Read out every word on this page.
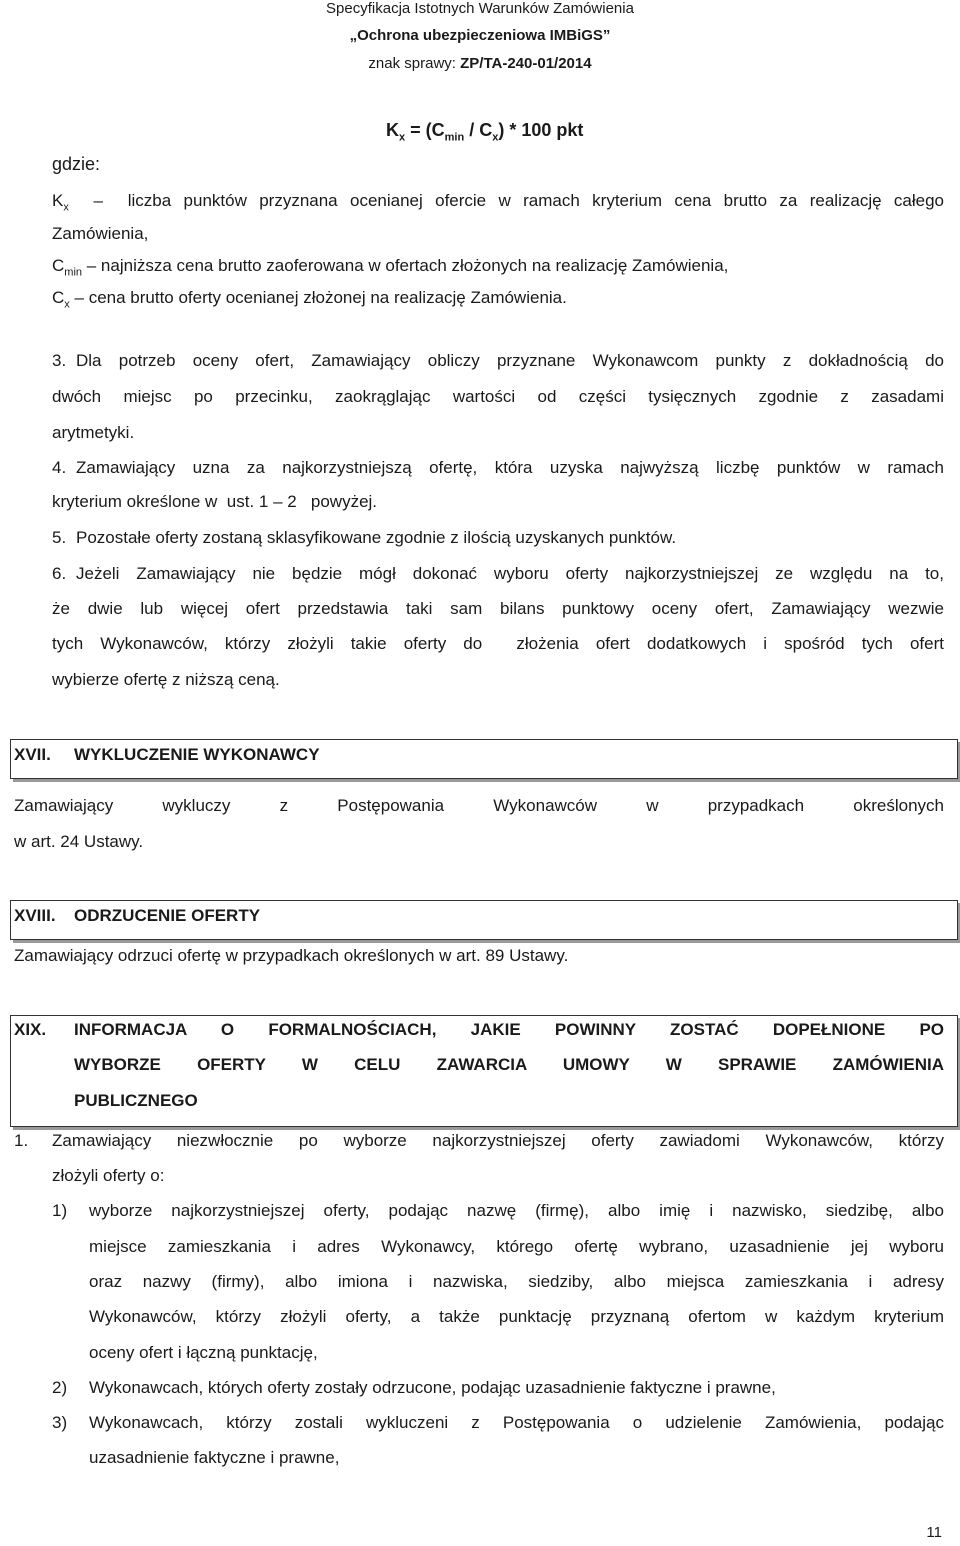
Specyfikacja Istotnych Warunków Zamówienia
„Ochrona ubezpieczeniowa IMBiGS”
znak sprawy: ZP/TA-240-01/2014
$K_x = (C_{min} / C_x) * 100$ pkt
gdzie:
$K_x$ – liczba punktów przyznana ocenianej ofercie w ramach kryterium cena brutto za realizację całego
Zamówienia,
$C_{min}$ – najniższa cena brutto zaoferowana w ofertach złożonych na realizację Zamówienia,
$C_x$ – cena brutto oferty ocenianej złożonej na realizację Zamówienia.
3. Dla potrzeb oceny ofert, Zamawiający obliczy przyznane Wykonawcom punkty z dokładnością do
dwóch miejsc po przecinku, zaokrąglając wartości od części tysięcznych zgodnie z zasadami
arytmetyki.
4. Zamawiający uzna za najkorzystniejszą ofertę, która uzyska najwyższą liczbę punktów w ramach
kryterium określone w  ust. 1 – 2   powyżej.
5. Pozostałe oferty zostaną sklasyfikowane zgodnie z ilością uzyskanych punktów.
6. Jeżeli Zamawiający nie będzie mógł dokonać wyboru oferty najkorzystniejszej ze względu na to,
że dwie lub więcej ofert przedstawia taki sam bilans punktowy oceny ofert, Zamawiający wezwie
tych Wykonawców, którzy złożyli takie oferty do  złożenia ofert dodatkowych i spośród tych ofert
wybierze ofertę z niższą ceną.
XVII. WYKLUCZENIE WYKONAWCY
Zamawiający wykluczy z Postępowania Wykonawców w przypadkach określonych
w art. 24 Ustawy.
XVIII. ODRZUCENIE OFERTY
Zamawiający odrzuci ofertę w przypadkach określonych w art. 89 Ustawy.
XIX. INFORMACJA O FORMALNOŚCIACH, JAKIE POWINNY ZOSTAĆ DOPEŁNIONE PO
WYBORZE OFERTY W CELU ZAWARCIA UMOWY W SPRAWIE ZAMÓWIENIA
PUBLICZNEGO
1. Zamawiający niezwłocznie po wyborze najkorzystniejszej oferty zawiadomi Wykonawców, którzy
złożyli oferty o:
1) wyborze najkorzystniejszej oferty, podając nazwę (firmę), albo imię i nazwisko, siedzibę, albo
miejsce zamieszkania i adres Wykonawcy, którego ofertę wybrano, uzasadnienie jej wyboru
oraz nazwy (firmy), albo imiona i nazwiska, siedziby, albo miejsca zamieszkania i adresy
Wykonawców, którzy złożyli oferty, a także punktację przyznaną ofertom w każdym kryterium
oceny ofert i łączną punktację,
2) Wykonawcach, których oferty zostały odrzucone, podając uzasadnienie faktyczne i prawne,
3) Wykonawcach, którzy zostali wykluczeni z Postępowania o udzielenie Zamówienia, podając
uzasadnienie faktyczne i prawne,
11
